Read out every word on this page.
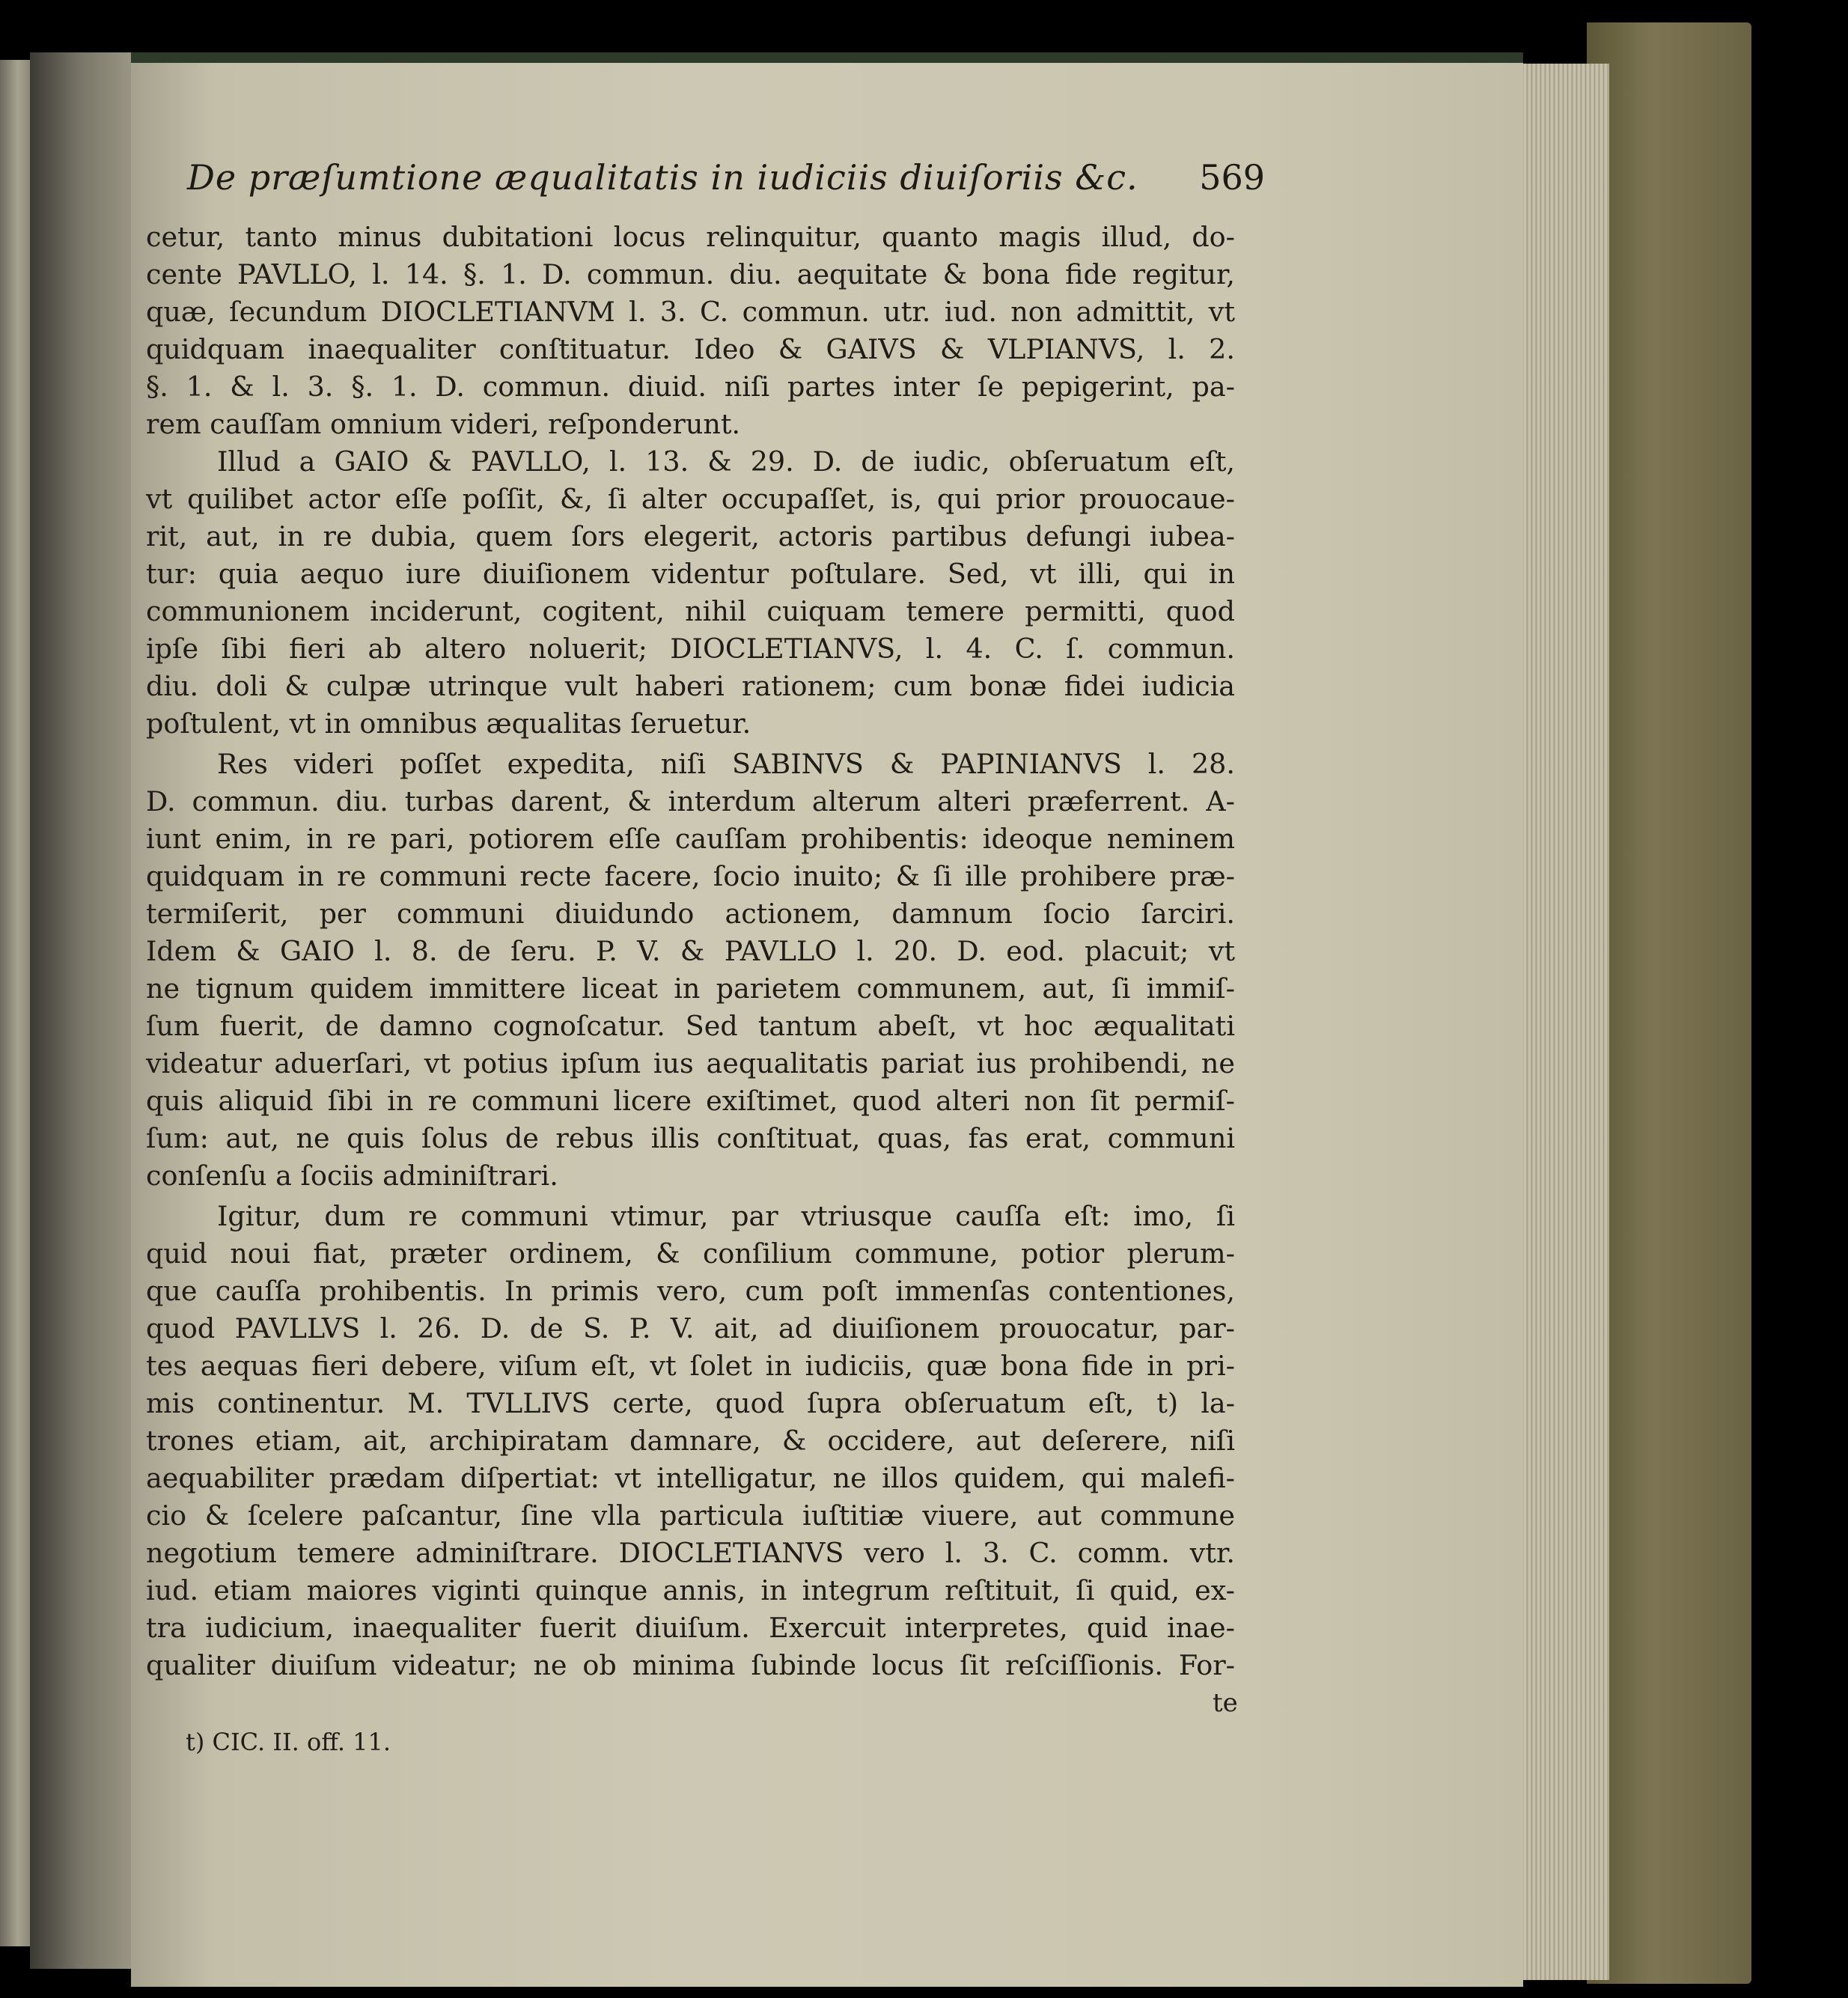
De præſumtione æqualitatis in iudiciis diuiſoriis &c. 569
cetur, tanto minus dubitationi locus relinquitur, quanto magis illud, do-
cente PAVLLO, l. 14. §. 1. D. commun. diu. aequitate & bona fide regitur,
quæ, ſecundum DIOCLETIANVM l. 3. C. commun. utr. iud. non admittit, vt
quidquam inaequaliter conſtituatur. Ideo & GAIVS & VLPIANVS, l. 2.
§. 1. & l. 3. §. 1. D. commun. diuid. niſi partes inter ſe pepigerint, pa-
rem cauſſam omnium videri, reſponderunt.
Illud a GAIO & PAVLLO, l. 13. & 29. D. de iudic, obſeruatum eſt,
vt quilibet actor eſſe poſſit, &, ſi alter occupaſſet, is, qui prior prouocaue-
rit, aut, in re dubia, quem ſors elegerit, actoris partibus defungi iubea-
tur: quia aequo iure diuiſionem videntur poſtulare. Sed, vt illi, qui in
communionem inciderunt, cogitent, nihil cuiquam temere permitti, quod
ipſe ſibi fieri ab altero noluerit; DIOCLETIANVS, l. 4. C. ſ. commun.
diu. doli & culpæ utrinque vult haberi rationem; cum bonæ fidei iudicia
poſtulent, vt in omnibus æqualitas ſeruetur.
Res videri poſſet expedita, niſi SABINVS & PAPINIANVS l. 28.
D. commun. diu. turbas darent, & interdum alterum alteri præferrent. A-
iunt enim, in re pari, potiorem eſſe cauſſam prohibentis: ideoque neminem
quidquam in re communi recte facere, ſocio inuito; & ſi ille prohibere præ-
termiſerit, per communi diuidundo actionem, damnum ſocio ſarciri.
Idem & GAIO l. 8. de ſeru. P. V. & PAVLLO l. 20. D. eod. placuit; vt
ne tignum quidem immittere liceat in parietem communem, aut, ſi immiſ-
ſum fuerit, de damno cognoſcatur. Sed tantum abeſt, vt hoc æqualitati
videatur aduerſari, vt potius ipſum ius aequalitatis pariat ius prohibendi, ne
quis aliquid ſibi in re communi licere exiſtimet, quod alteri non ſit permiſ-
ſum: aut, ne quis ſolus de rebus illis conſtituat, quas, fas erat, communi
conſenſu a ſociis adminiſtrari.
Igitur, dum re communi vtimur, par vtriusque cauſſa eſt: imo, ſi
quid noui fiat, præter ordinem, & conſilium commune, potior plerum-
que cauſſa prohibentis. In primis vero, cum poſt immenſas contentiones,
quod PAVLLVS l. 26. D. de S. P. V. ait, ad diuiſionem prouocatur, par-
tes aequas fieri debere, viſum eſt, vt ſolet in iudiciis, quæ bona fide in pri-
mis continentur. M. TVLLIVS certe, quod ſupra obſeruatum eſt, t) la-
trones etiam, ait, archipiratam damnare, & occidere, aut deſerere, niſi
aequabiliter prædam diſpertiat: vt intelligatur, ne illos quidem, qui malefi-
cio & ſcelere paſcantur, ſine vlla particula iuſtitiæ viuere, aut commune
negotium temere adminiſtrare. DIOCLETIANVS vero l. 3. C. comm. vtr.
iud. etiam maiores viginti quinque annis, in integrum reſtituit, ſi quid, ex-
tra iudicium, inaequaliter fuerit diuiſum. Exercuit interpretes, quid inae-
qualiter diuiſum videatur; ne ob minima ſubinde locus ſit reſciſſionis. For-
te
t) CIC. II. off. 11.
